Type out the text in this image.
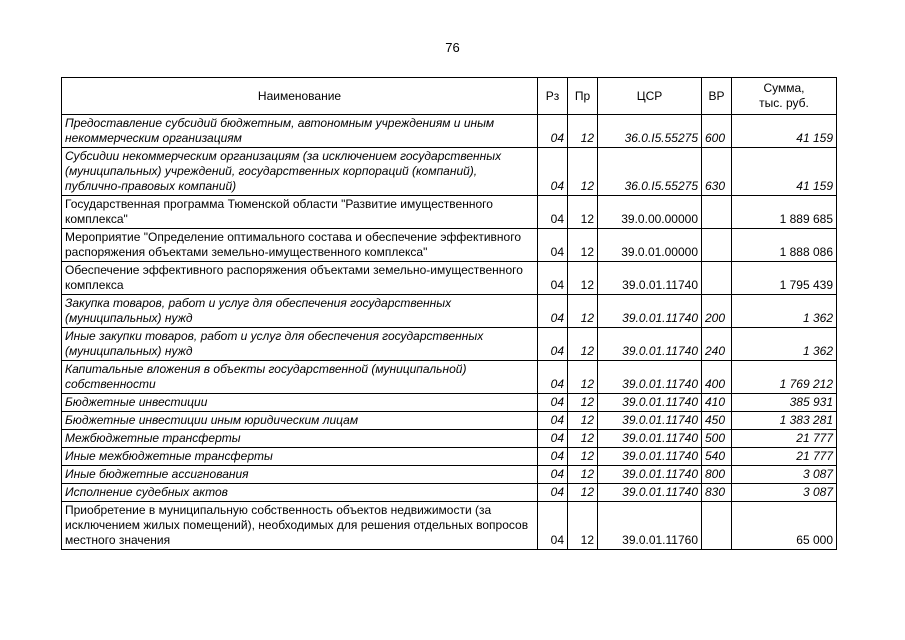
76
Наименование	Рз	Пр	ЦСР	ВР	Сумма,
тыс. руб.
Предоставление субсидий бюджетным, автономным учреждениям и иным некоммерческим организациям	04	12	36.0.I5.55275	600	41 159
Субсидии некоммерческим организациям (за исключением государственных (муниципальных) учреждений, государственных корпораций (компаний), публично-правовых компаний)	04	12	36.0.I5.55275	630	41 159
Государственная программа Тюменской области "Развитие имущественного комплекса"	04	12	39.0.00.00000		1 889 685
Мероприятие "Определение оптимального состава и обеспечение эффективного распоряжения объектами земельно-имущественного комплекса"	04	12	39.0.01.00000		1 888 086
Обеспечение эффективного распоряжения объектами земельно-имущественного комплекса	04	12	39.0.01.11740		1 795 439
Закупка товаров, работ и услуг для обеспечения государственных (муниципальных) нужд	04	12	39.0.01.11740	200	1 362
Иные закупки товаров, работ и услуг для обеспечения государственных (муниципальных) нужд	04	12	39.0.01.11740	240	1 362
Капитальные вложения в объекты государственной (муниципальной) собственности	04	12	39.0.01.11740	400	1 769 212
Бюджетные инвестиции	04	12	39.0.01.11740	410	385 931
Бюджетные инвестиции иным юридическим лицам	04	12	39.0.01.11740	450	1 383 281
Межбюджетные трансферты	04	12	39.0.01.11740	500	21 777
Иные межбюджетные трансферты	04	12	39.0.01.11740	540	21 777
Иные бюджетные ассигнования	04	12	39.0.01.11740	800	3 087
Исполнение судебных актов	04	12	39.0.01.11740	830	3 087
Приобретение в муниципальную собственность объектов недвижимости (за исключением жилых помещений), необходимых для решения отдельных вопросов местного значения	04	12	39.0.01.11760		65 000
